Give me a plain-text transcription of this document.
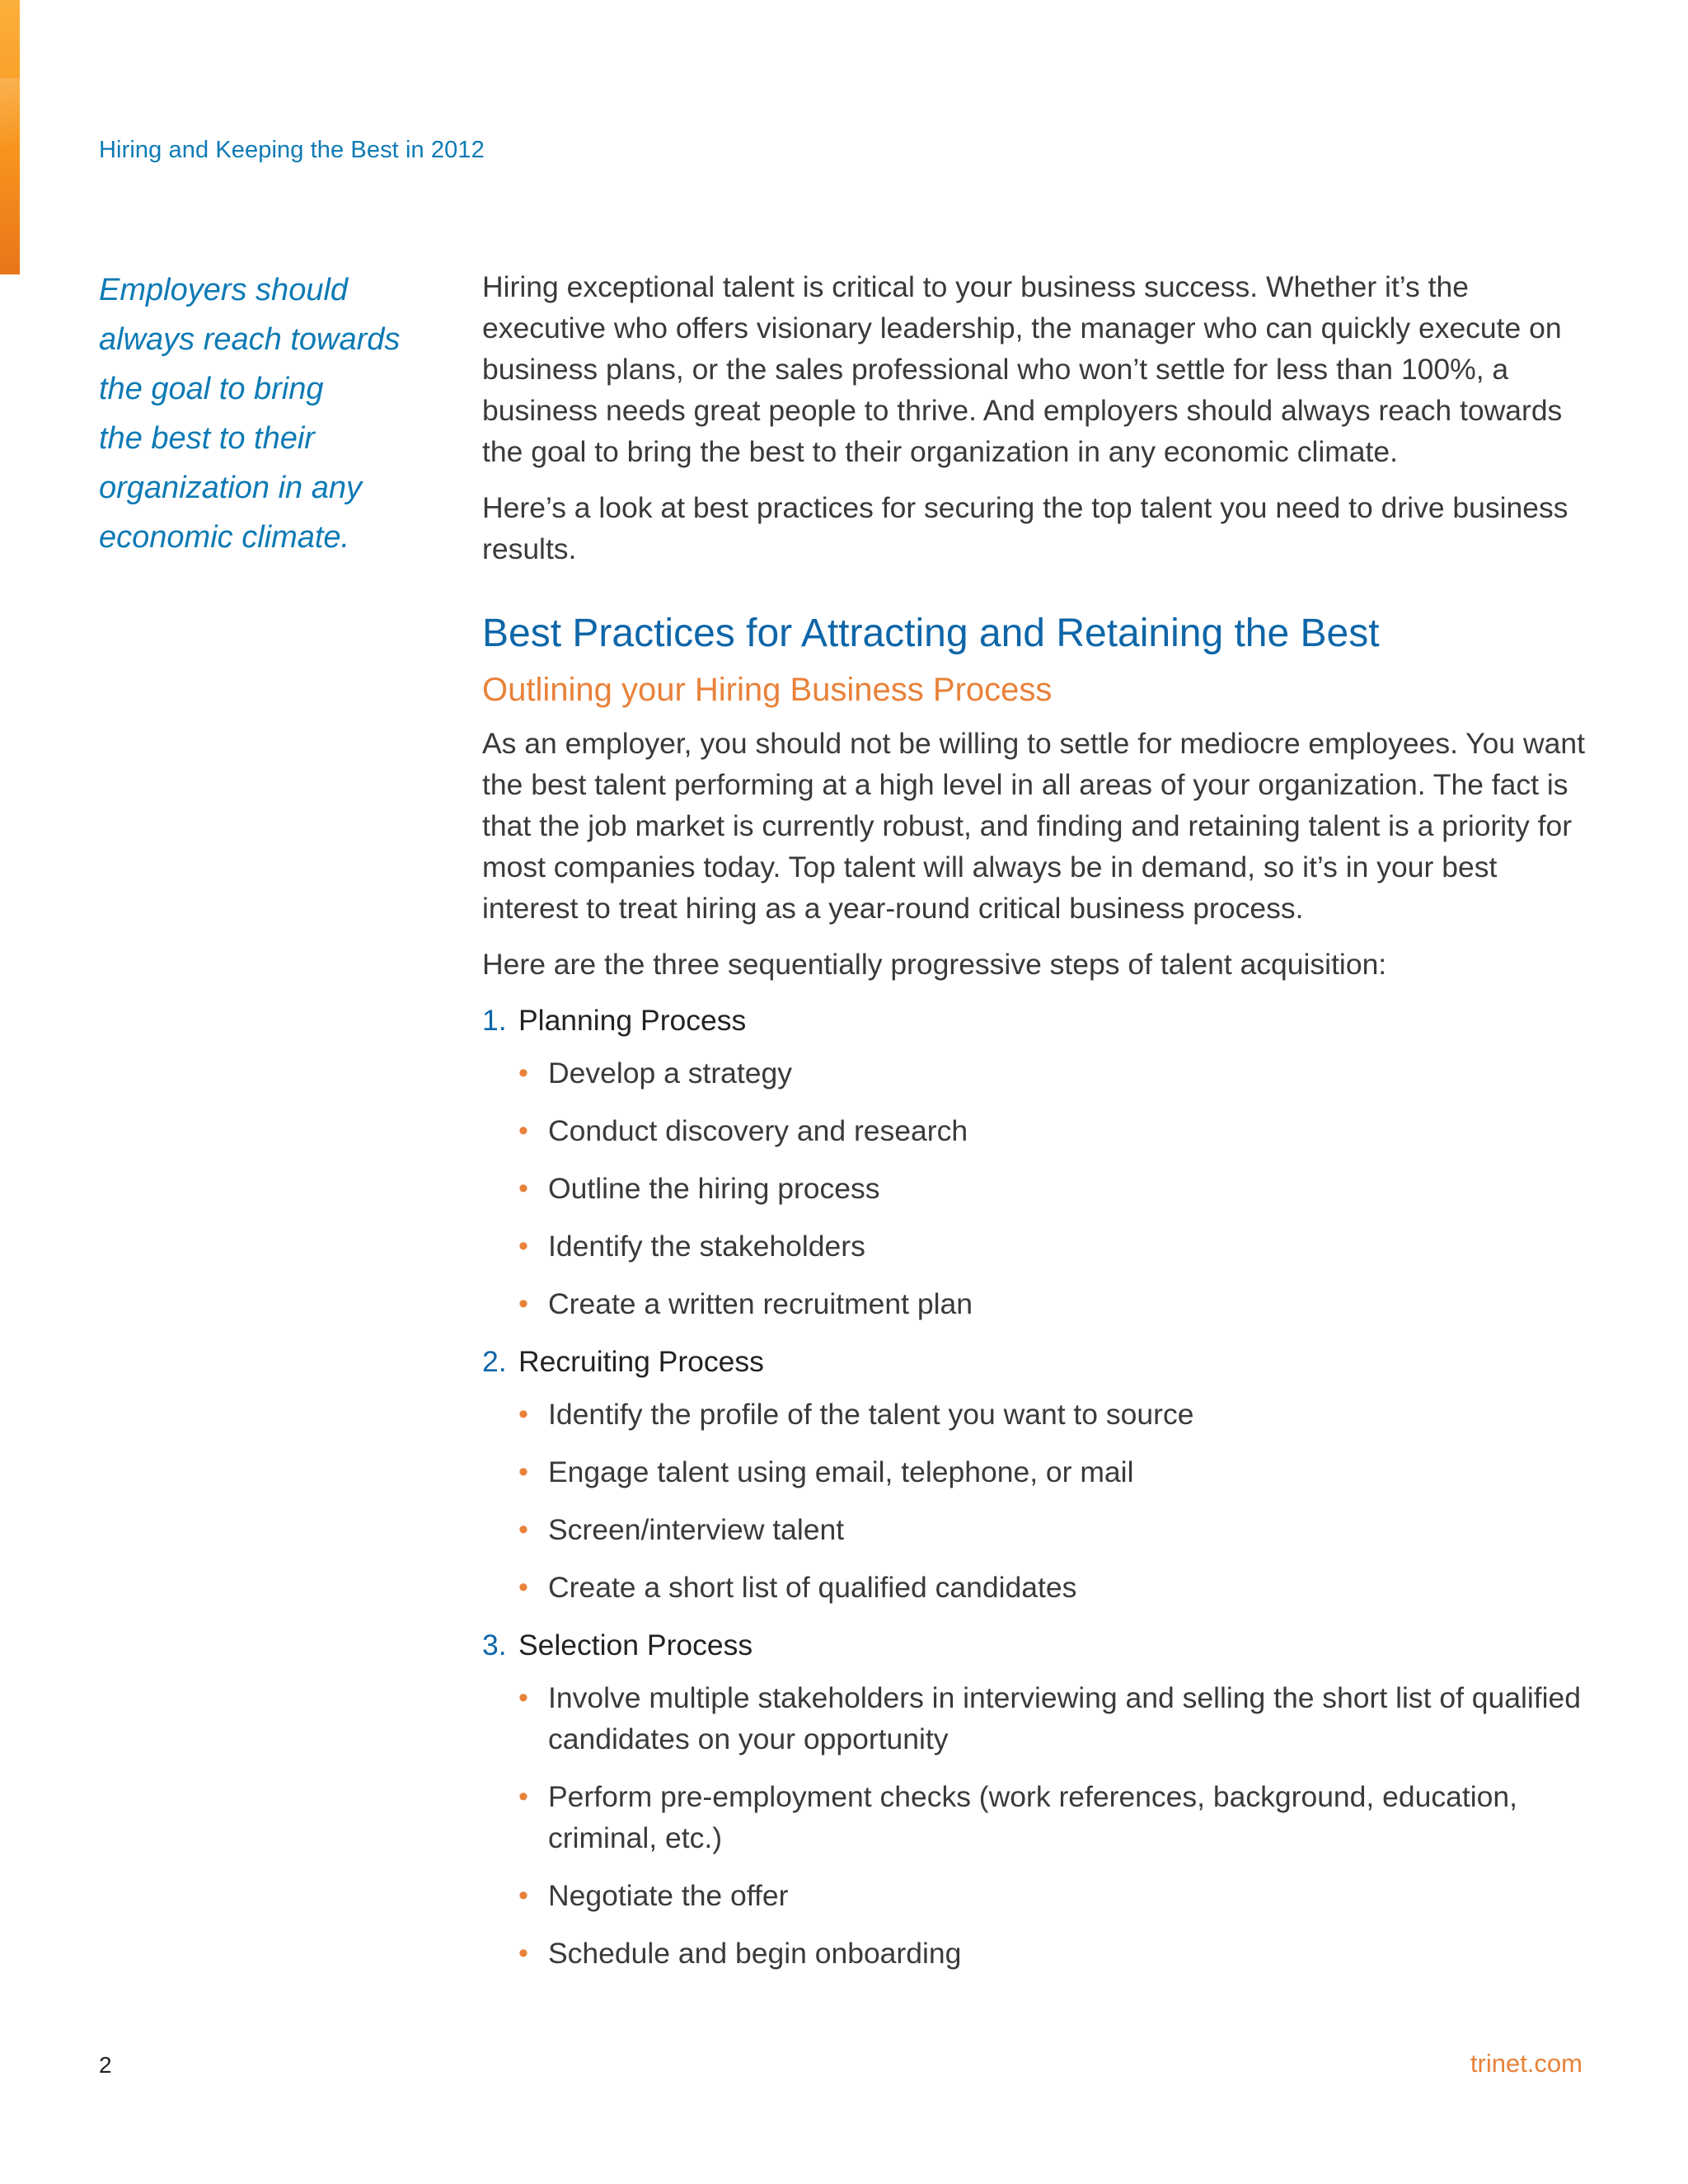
Hiring and Keeping the Best in 2012
Employers should
always reach towards
the goal to bring
the best to their
organization in any
economic climate.

Hiring exceptional talent is critical to your business success. Whether it’s the executive who offers visionary leadership, the manager who can quickly execute on business plans, or the sales professional who won’t settle for less than 100%, a business needs great people to thrive. And employers should always reach towards the goal to bring the best to their organization in any economic climate.

Here’s a look at best practices for securing the top talent you need to drive business results.

Best Practices for Attracting and Retaining the Best
Outlining your Hiring Business Process

As an employer, you should not be willing to settle for mediocre employees. You want the best talent performing at a high level in all areas of your organization. The fact is that the job market is currently robust, and finding and retaining talent is a priority for most companies today. Top talent will always be in demand, so it’s in your best interest to treat hiring as a year-round critical business process.

Here are the three sequentially progressive steps of talent acquisition:

1. Planning Process
• Develop a strategy
• Conduct discovery and research
• Outline the hiring process
• Identify the stakeholders
• Create a written recruitment plan
2. Recruiting Process
• Identify the profile of the talent you want to source
• Engage talent using email, telephone, or mail
• Screen/interview talent
• Create a short list of qualified candidates
3. Selection Process
• Involve multiple stakeholders in interviewing and selling the short list of qualified candidates on your opportunity
• Perform pre-employment checks (work references, background, education, criminal, etc.)
• Negotiate the offer
• Schedule and begin onboarding
2	trinet.com
